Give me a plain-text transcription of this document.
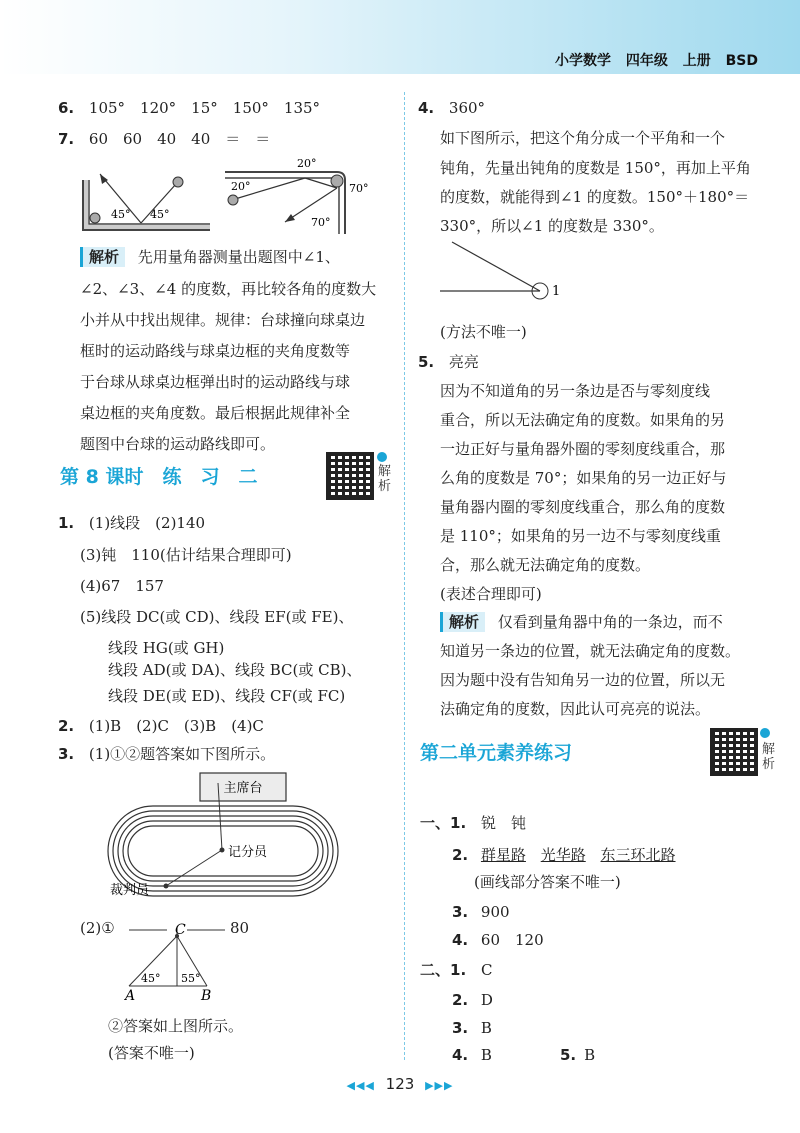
小学数学 四年级 上册 BSD
6. 105°　120°　15°　150°　135°
7. 60　60　40　40　＝　＝
45° 45°
20°
20°	70°
70°
解析 先用量角器测量出题图中∠1、
∠2、∠3、∠4 的度数，再比较各角的度数大
小并从中找出规律。规律：台球撞向球桌边
框时的运动路线与球桌边框的夹角度数等
于台球从球桌边框弹出时的运动路线与球
桌边框的夹角度数。最后根据此规律补全
题图中台球的运动路线即可。
第 8 课时　练　习　二	解析
1. (1)线段　(2)140
(3)钝　110(估计结果合理即可)
(4)67　157
(5)线段 DC(或 CD)、线段 EF(或 FE)、
线段 HG(或 GH)
线段 AD(或 DA)、线段 BC(或 CB)、
线段 DE(或 ED)、线段 CF(或 FC)
2. (1)B　(2)C　(3)B　(4)C
3. (1)①②题答案如下图所示。
主席台
记分员
裁判员
(2)①	80
C
A	B
45° 55°
②答案如上图所示。
(答案不唯一)
4. 360°
如下图所示，把这个角分成一个平角和一个
钝角，先量出钝角的度数是 150°，再加上平角
的度数，就能得到∠1 的度数。150°＋180°＝
330°，所以∠1 的度数是 330°。
1
(方法不唯一)
5. 亮亮
因为不知道角的另一条边是否与零刻度线
重合，所以无法确定角的度数。如果角的另
一边正好与量角器外圈的零刻度线重合，那
么角的度数是 70°；如果角的另一边正好与
量角器内圈的零刻度线重合，那么角的度数
是 110°；如果角的另一边不与零刻度线重
合，那么就无法确定角的度数。
(表述合理即可)
解析 仅看到量角器中角的一条边，而不
知道另一条边的位置，就无法确定角的度数。
因为题中没有告知角另一边的位置，所以无
法确定角的度数，因此认可亮亮的说法。
第二单元素养练习	解析
一、1. 锐　钝
2. 群星路 光华路 东三环北路
(画线部分答案不唯一)
3. 900
4. 60　120
二、1. C
2. D
3. B
4. B
◀◀◀ 123 ▶▶▶
5. B
